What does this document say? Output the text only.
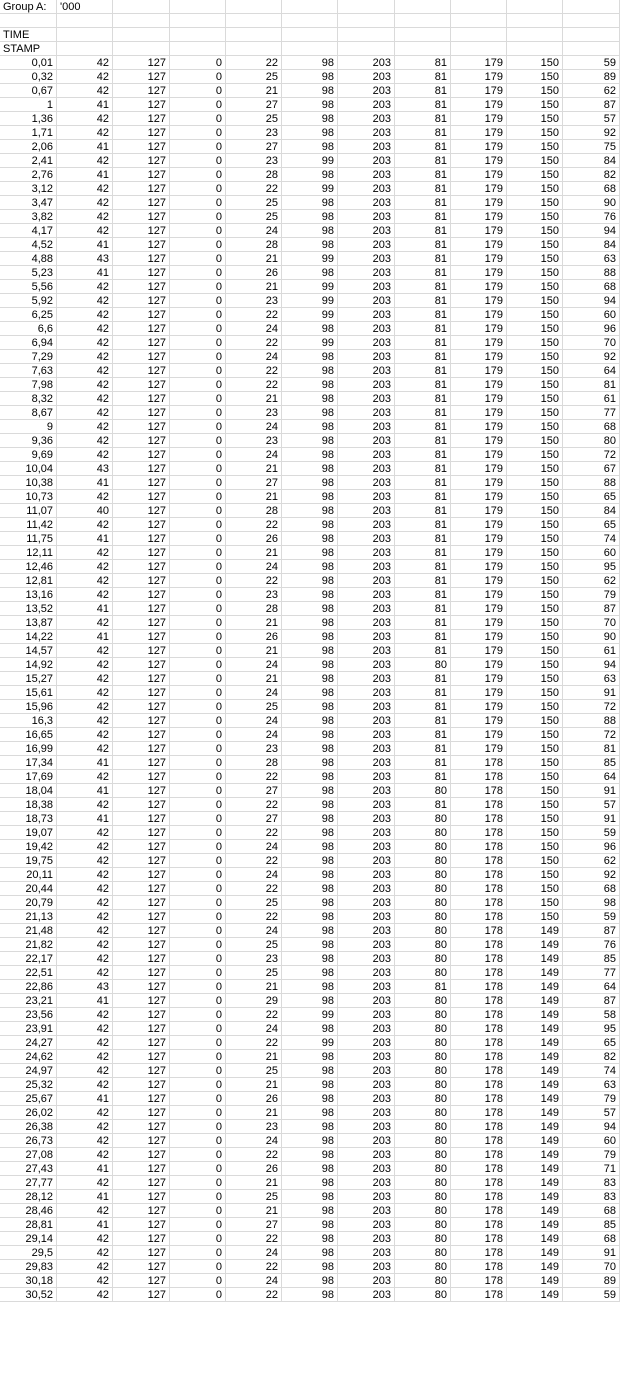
Group A:	'000
TIME
STAMP
0,01	42	127	0	22	98	203	81	179	150	59
0,32	42	127	0	25	98	203	81	179	150	89
0,67	42	127	0	21	98	203	81	179	150	62
1	41	127	0	27	98	203	81	179	150	87
1,36	42	127	0	25	98	203	81	179	150	57
1,71	42	127	0	23	98	203	81	179	150	92
2,06	41	127	0	27	98	203	81	179	150	75
2,41	42	127	0	23	99	203	81	179	150	84
2,76	41	127	0	28	98	203	81	179	150	82
3,12	42	127	0	22	99	203	81	179	150	68
3,47	42	127	0	25	98	203	81	179	150	90
3,82	42	127	0	25	98	203	81	179	150	76
4,17	42	127	0	24	98	203	81	179	150	94
4,52	41	127	0	28	98	203	81	179	150	84
4,88	43	127	0	21	99	203	81	179	150	63
5,23	41	127	0	26	98	203	81	179	150	88
5,56	42	127	0	21	99	203	81	179	150	68
5,92	42	127	0	23	99	203	81	179	150	94
6,25	42	127	0	22	99	203	81	179	150	60
6,6	42	127	0	24	98	203	81	179	150	96
6,94	42	127	0	22	99	203	81	179	150	70
7,29	42	127	0	24	98	203	81	179	150	92
7,63	42	127	0	22	98	203	81	179	150	64
7,98	42	127	0	22	98	203	81	179	150	81
8,32	42	127	0	21	98	203	81	179	150	61
8,67	42	127	0	23	98	203	81	179	150	77
9	42	127	0	24	98	203	81	179	150	68
9,36	42	127	0	23	98	203	81	179	150	80
9,69	42	127	0	24	98	203	81	179	150	72
10,04	43	127	0	21	98	203	81	179	150	67
10,38	41	127	0	27	98	203	81	179	150	88
10,73	42	127	0	21	98	203	81	179	150	65
11,07	40	127	0	28	98	203	81	179	150	84
11,42	42	127	0	22	98	203	81	179	150	65
11,75	41	127	0	26	98	203	81	179	150	74
12,11	42	127	0	21	98	203	81	179	150	60
12,46	42	127	0	24	98	203	81	179	150	95
12,81	42	127	0	22	98	203	81	179	150	62
13,16	42	127	0	23	98	203	81	179	150	79
13,52	41	127	0	28	98	203	81	179	150	87
13,87	42	127	0	21	98	203	81	179	150	70
14,22	41	127	0	26	98	203	81	179	150	90
14,57	42	127	0	21	98	203	81	179	150	61
14,92	42	127	0	24	98	203	80	179	150	94
15,27	42	127	0	21	98	203	81	179	150	63
15,61	42	127	0	24	98	203	81	179	150	91
15,96	42	127	0	25	98	203	81	179	150	72
16,3	42	127	0	24	98	203	81	179	150	88
16,65	42	127	0	24	98	203	81	179	150	72
16,99	42	127	0	23	98	203	81	179	150	81
17,34	41	127	0	28	98	203	81	178	150	85
17,69	42	127	0	22	98	203	81	178	150	64
18,04	41	127	0	27	98	203	80	178	150	91
18,38	42	127	0	22	98	203	81	178	150	57
18,73	41	127	0	27	98	203	80	178	150	91
19,07	42	127	0	22	98	203	80	178	150	59
19,42	42	127	0	24	98	203	80	178	150	96
19,75	42	127	0	22	98	203	80	178	150	62
20,11	42	127	0	24	98	203	80	178	150	92
20,44	42	127	0	22	98	203	80	178	150	68
20,79	42	127	0	25	98	203	80	178	150	98
21,13	42	127	0	22	98	203	80	178	150	59
21,48	42	127	0	24	98	203	80	178	149	87
21,82	42	127	0	25	98	203	80	178	149	76
22,17	42	127	0	23	98	203	80	178	149	85
22,51	42	127	0	25	98	203	80	178	149	77
22,86	43	127	0	21	98	203	81	178	149	64
23,21	41	127	0	29	98	203	80	178	149	87
23,56	42	127	0	22	99	203	80	178	149	58
23,91	42	127	0	24	98	203	80	178	149	95
24,27	42	127	0	22	99	203	80	178	149	65
24,62	42	127	0	21	98	203	80	178	149	82
24,97	42	127	0	25	98	203	80	178	149	74
25,32	42	127	0	21	98	203	80	178	149	63
25,67	41	127	0	26	98	203	80	178	149	79
26,02	42	127	0	21	98	203	80	178	149	57
26,38	42	127	0	23	98	203	80	178	149	94
26,73	42	127	0	24	98	203	80	178	149	60
27,08	42	127	0	22	98	203	80	178	149	79
27,43	41	127	0	26	98	203	80	178	149	71
27,77	42	127	0	21	98	203	80	178	149	83
28,12	41	127	0	25	98	203	80	178	149	83
28,46	42	127	0	21	98	203	80	178	149	68
28,81	41	127	0	27	98	203	80	178	149	85
29,14	42	127	0	22	98	203	80	178	149	68
29,5	42	127	0	24	98	203	80	178	149	91
29,83	42	127	0	22	98	203	80	178	149	70
30,18	42	127	0	24	98	203	80	178	149	89
30,52	42	127	0	22	98	203	80	178	149	59
